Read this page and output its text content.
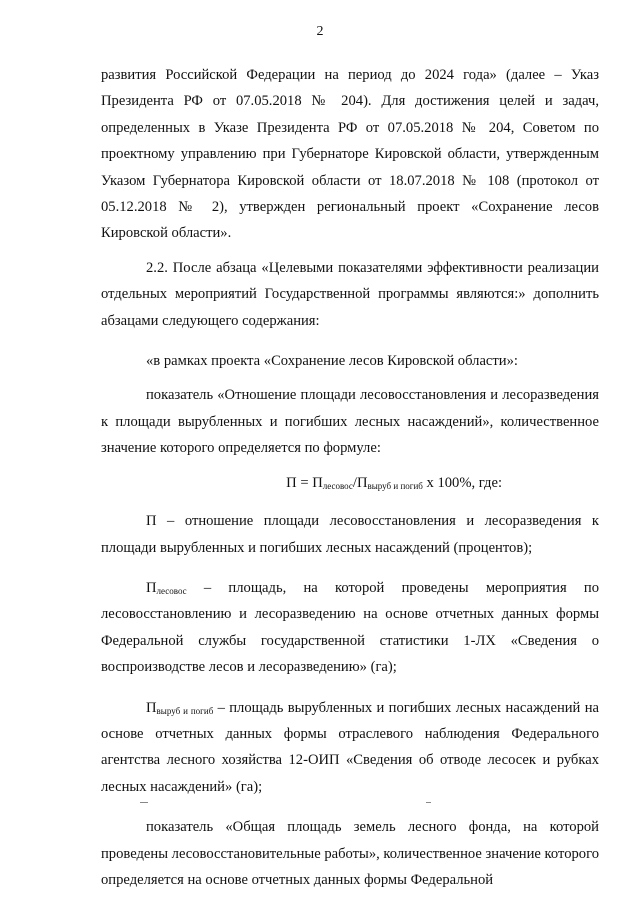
2

развития Российской Федерации на период до 2024 года» (далее – Указ Президента РФ от 07.05.2018 № 204). Для достижения целей и задач, определенных в Указе Президента РФ от 07.05.2018 № 204, Советом по проектному управлению при Губернаторе Кировской области, утвержденным Указом Губернатора Кировской области от 18.07.2018 № 108 (протокол от 05.12.2018 № 2), утвержден региональный проект «Сохранение лесов Кировской области».

2.2. После абзаца «Целевыми показателями эффективности реализации отдельных мероприятий Государственной программы являются:» дополнить абзацами следующего содержания:

«в рамках проекта «Сохранение лесов Кировской области»:

показатель «Отношение площади лесовосстановления и лесоразведения к площади вырубленных и погибших лесных насаждений», количественное значение которого определяется по формуле:

$П = П_{лесовос}/П_{выруб и погиб}$ х 100%, где:

П – отношение площади лесовосстановления и лесоразведения к площади вырубленных и погибших лесных насаждений (процентов);

$П_{лесовос}$ – площадь, на которой проведены мероприятия по лесовосстановлению и лесоразведению на основе отчетных данных формы Федеральной службы государственной статистики 1-ЛХ «Сведения о воспроизводстве лесов и лесоразведению» (га);

$П_{выруб и погиб}$ – площадь вырубленных и погибших лесных насаждений на основе отчетных данных формы отраслевого наблюдения Федерального агентства лесного хозяйства 12-ОИП «Сведения об отводе лесосек и рубках лесных насаждений» (га);

показатель «Общая площадь земель лесного фонда, на которой проведены лесовосстановительные работы», количественное значение которого определяется на основе отчетных данных формы Федеральной
